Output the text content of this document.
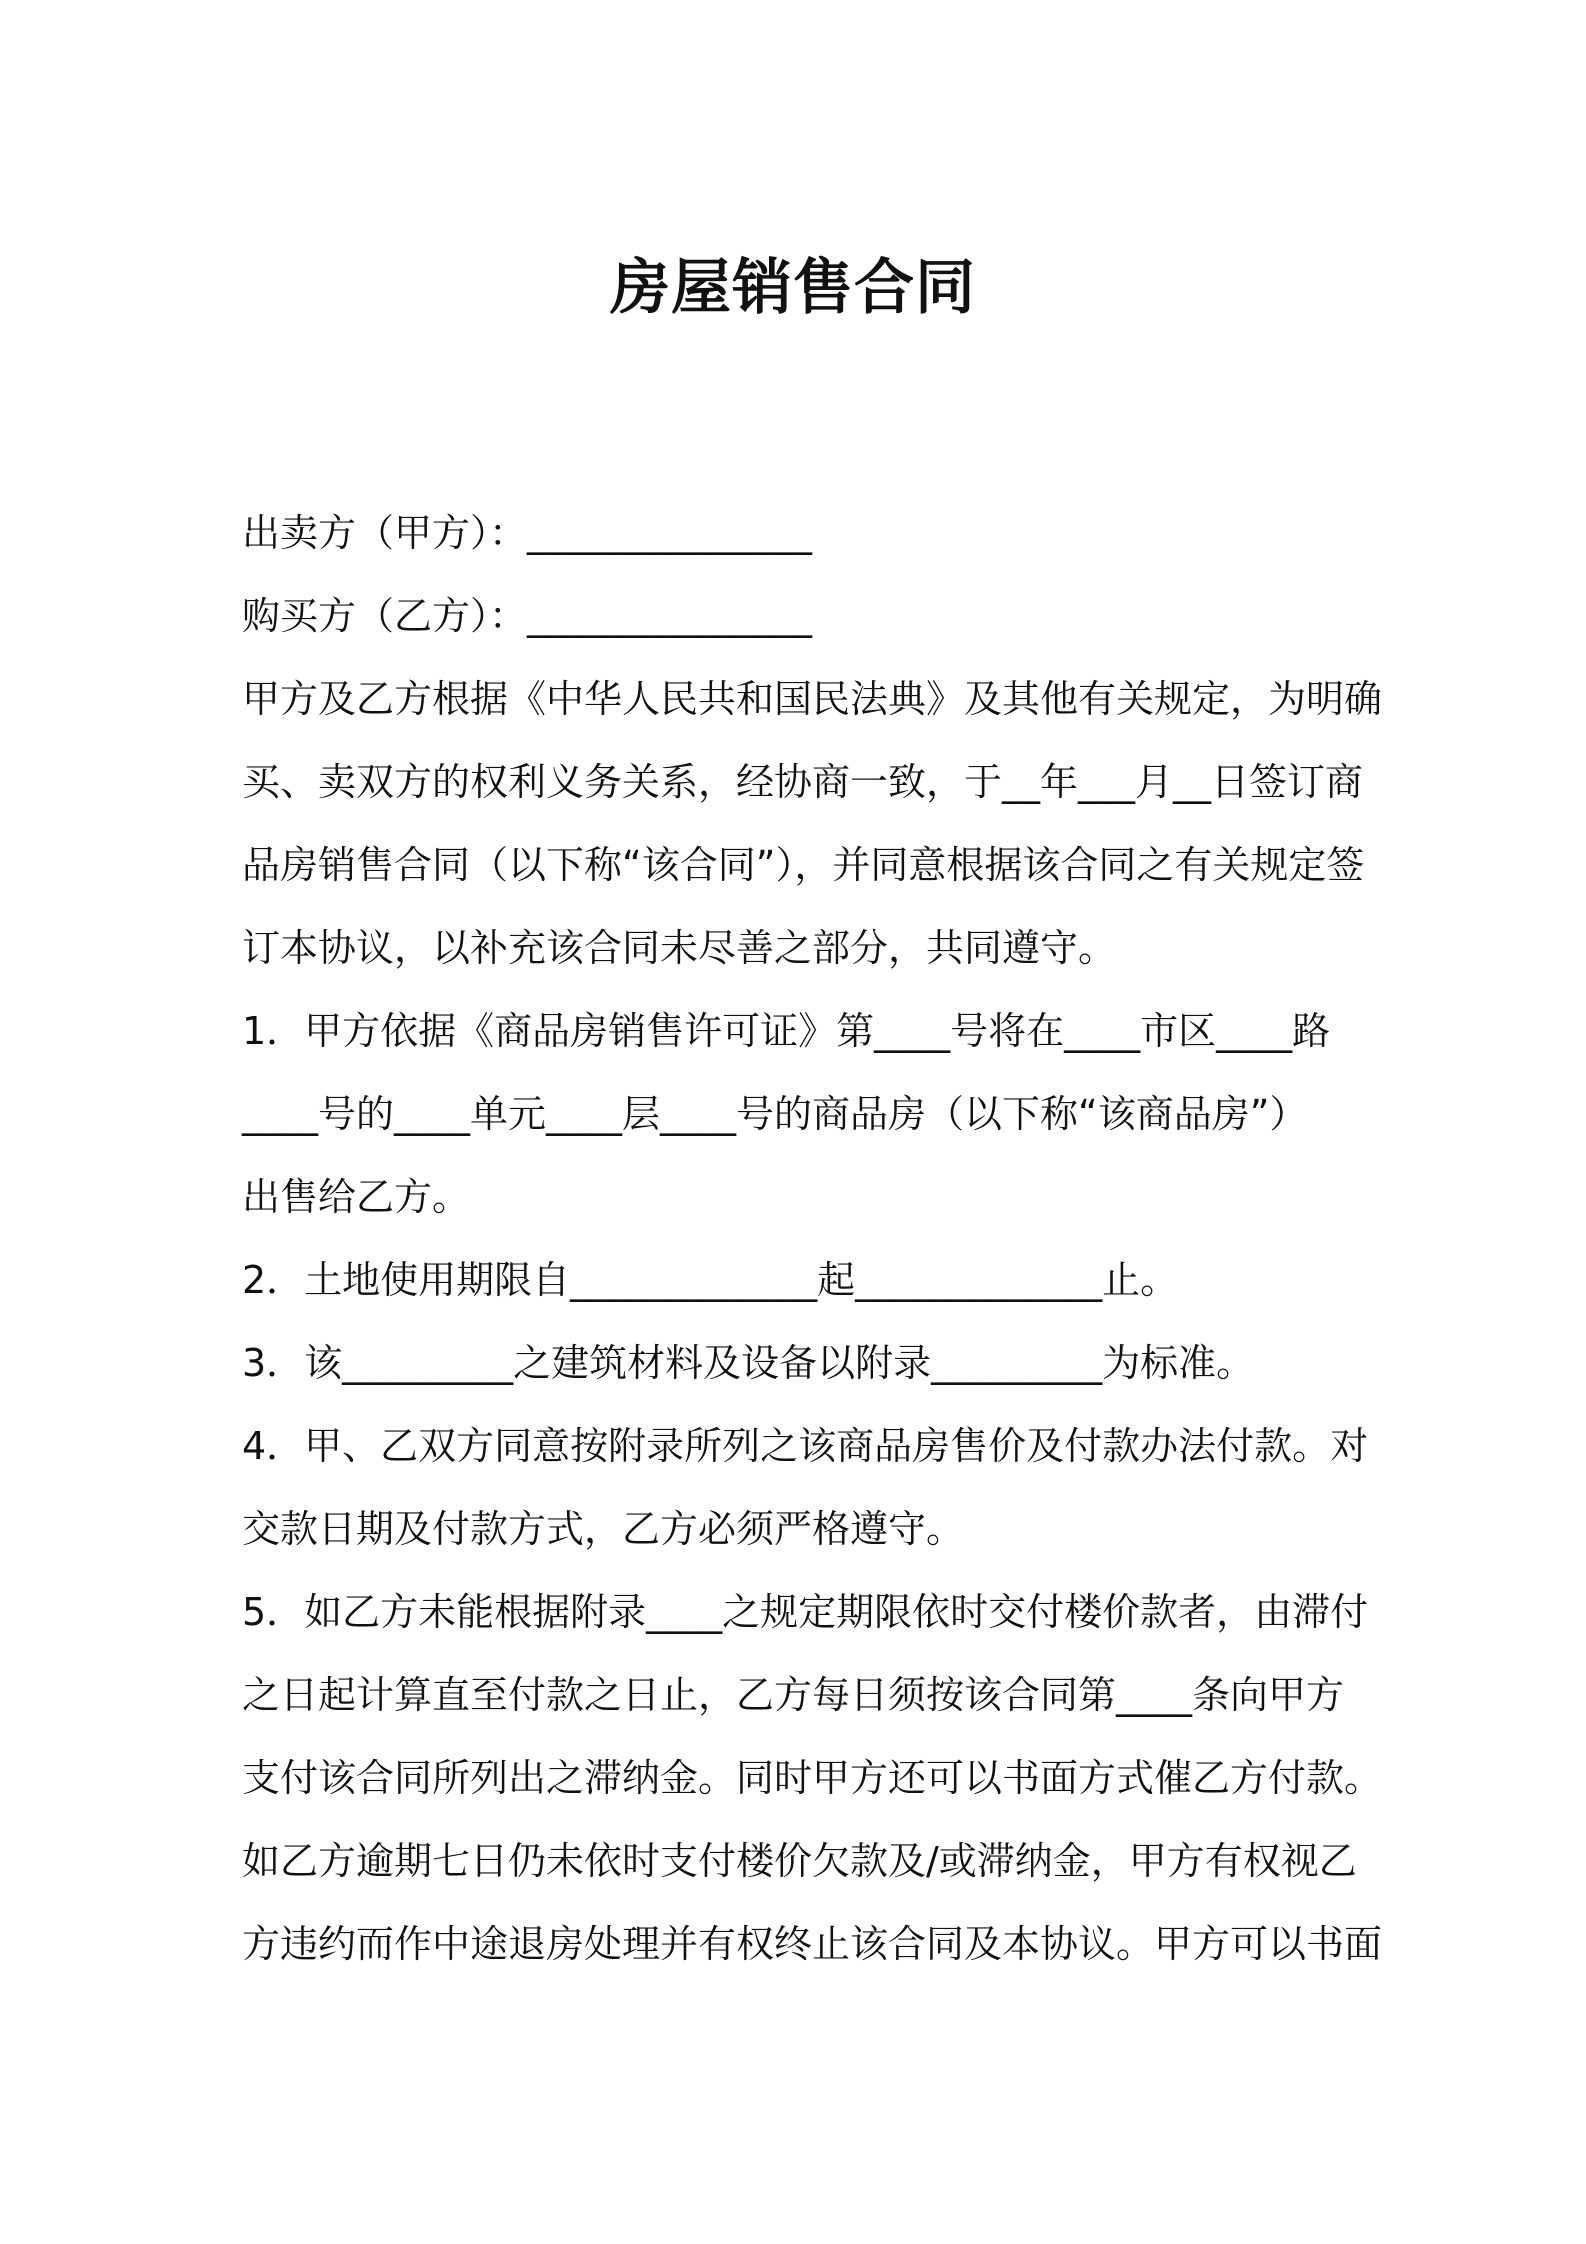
房屋销售合同
出卖方（甲方）：_______________
购买方（乙方）：_______________
甲方及乙方根据《中华人民共和国民法典》及其他有关规定，为明确
买、卖双方的权利义务关系，经协商一致，于__年___月__日签订商
品房销售合同（以下称“该合同”），并同意根据该合同之有关规定签
订本协议，以补充该合同未尽善之部分，共同遵守。
1．甲方依据《商品房销售许可证》第____号将在____市区____路
____号的____单元____层____号的商品房（以下称“该商品房”）
出售给乙方。
2．土地使用期限自_____________起_____________止。
3．该_________之建筑材料及设备以附录_________为标准。
4．甲、乙双方同意按附录所列之该商品房售价及付款办法付款。对
交款日期及付款方式，乙方必须严格遵守。
5．如乙方未能根据附录____之规定期限依时交付楼价款者，由滞付
之日起计算直至付款之日止，乙方每日须按该合同第____条向甲方
支付该合同所列出之滞纳金。同时甲方还可以书面方式催乙方付款。
如乙方逾期七日仍未依时支付楼价欠款及/或滞纳金，甲方有权视乙
方违约而作中途退房处理并有权终止该合同及本协议。甲方可以书面
